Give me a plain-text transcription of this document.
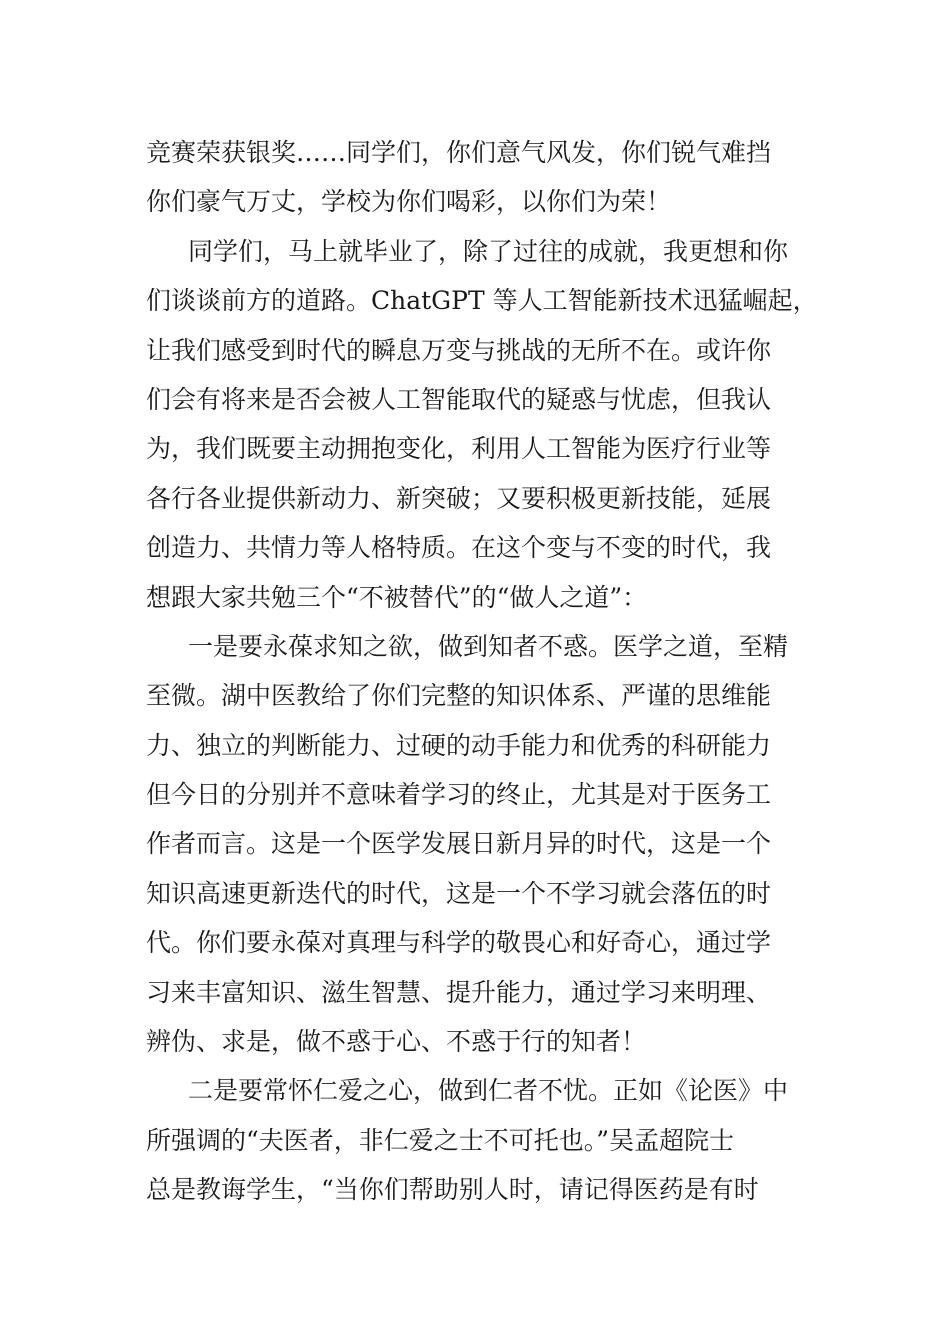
竞赛荣获银奖……同学们，你们意气风发，你们锐气难挡
你们豪气万丈，学校为你们喝彩，以你们为荣！
同学们，马上就毕业了，除了过往的成就，我更想和你
们谈谈前方的道路。ChatGPT 等人工智能新技术迅猛崛起，
让我们感受到时代的瞬息万变与挑战的无所不在。或许你
们会有将来是否会被人工智能取代的疑惑与忧虑，但我认
为，我们既要主动拥抱变化，利用人工智能为医疗行业等
各行各业提供新动力、新突破；又要积极更新技能，延展
创造力、共情力等人格特质。在这个变与不变的时代，我
想跟大家共勉三个“不被替代”的“做人之道”：
一是要永葆求知之欲，做到知者不惑。医学之道，至精
至微。湖中医教给了你们完整的知识体系、严谨的思维能
力、独立的判断能力、过硬的动手能力和优秀的科研能力
但今日的分别并不意味着学习的终止，尤其是对于医务工
作者而言。这是一个医学发展日新月异的时代，这是一个
知识高速更新迭代的时代，这是一个不学习就会落伍的时
代。你们要永葆对真理与科学的敬畏心和好奇心，通过学
习来丰富知识、滋生智慧、提升能力，通过学习来明理、
辨伪、求是，做不惑于心、不惑于行的知者！
二是要常怀仁爱之心，做到仁者不忧。正如《论医》中
所强调的“夫医者，非仁爱之士不可托也。”吴孟超院士
总是教诲学生，“当你们帮助别人时，请记得医药是有时
